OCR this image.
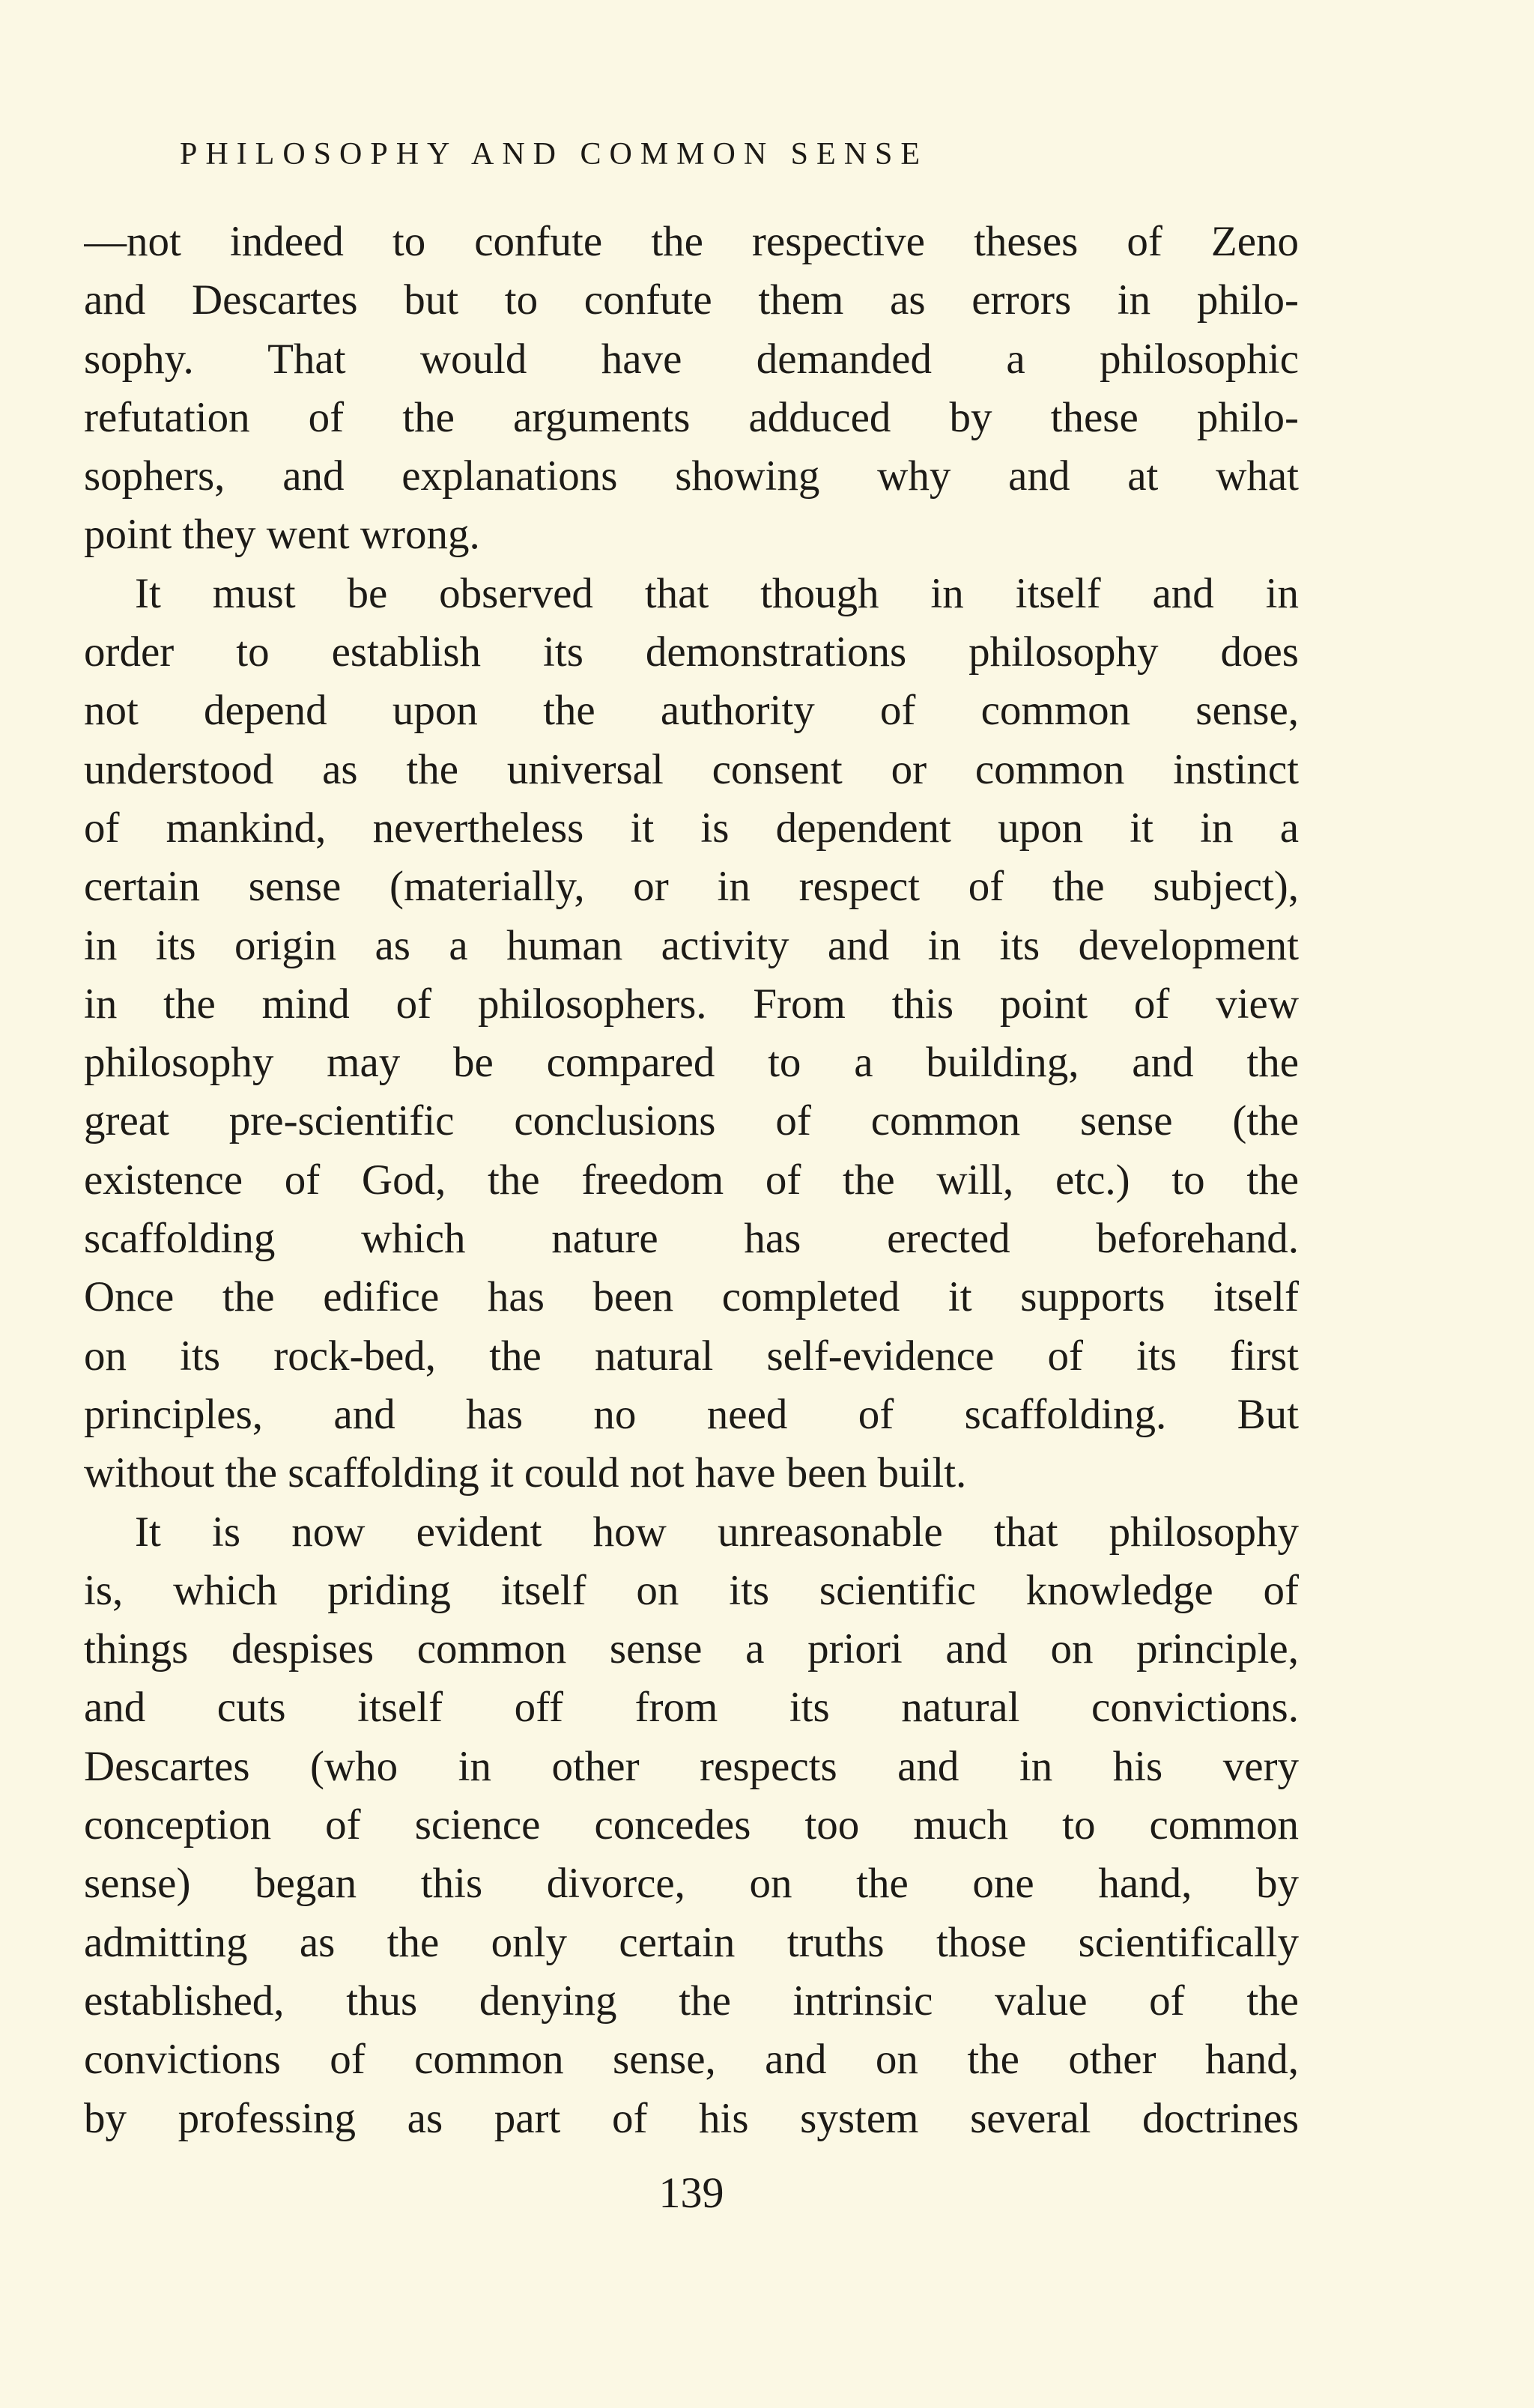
PHILOSOPHY AND COMMON SENSE
—not indeed to confute the respective theses of Zeno
and Descartes but to confute them as errors in philo-
sophy. That would have demanded a philosophic
refutation of the arguments adduced by these philo-
sophers, and explanations showing why and at what
point they went wrong.
It must be observed that though in itself and in
order to establish its demonstrations philosophy does
not depend upon the authority of common sense,
understood as the universal consent or common instinct
of mankind, nevertheless it is dependent upon it in a
certain sense (materially, or in respect of the subject),
in its origin as a human activity and in its development
in the mind of philosophers. From this point of view
philosophy may be compared to a building, and the
great pre-scientific conclusions of common sense (the
existence of God, the freedom of the will, etc.) to the
scaffolding which nature has erected beforehand.
Once the edifice has been completed it supports itself
on its rock-bed, the natural self-evidence of its first
principles, and has no need of scaffolding. But
without the scaffolding it could not have been built.
It is now evident how unreasonable that philosophy
is, which priding itself on its scientific knowledge of
things despises common sense a priori and on principle,
and cuts itself off from its natural convictions.
Descartes (who in other respects and in his very
conception of science concedes too much to common
sense) began this divorce, on the one hand, by
admitting as the only certain truths those scientifically
established, thus denying the intrinsic value of the
convictions of common sense, and on the other hand,
by professing as part of his system several doctrines
139
